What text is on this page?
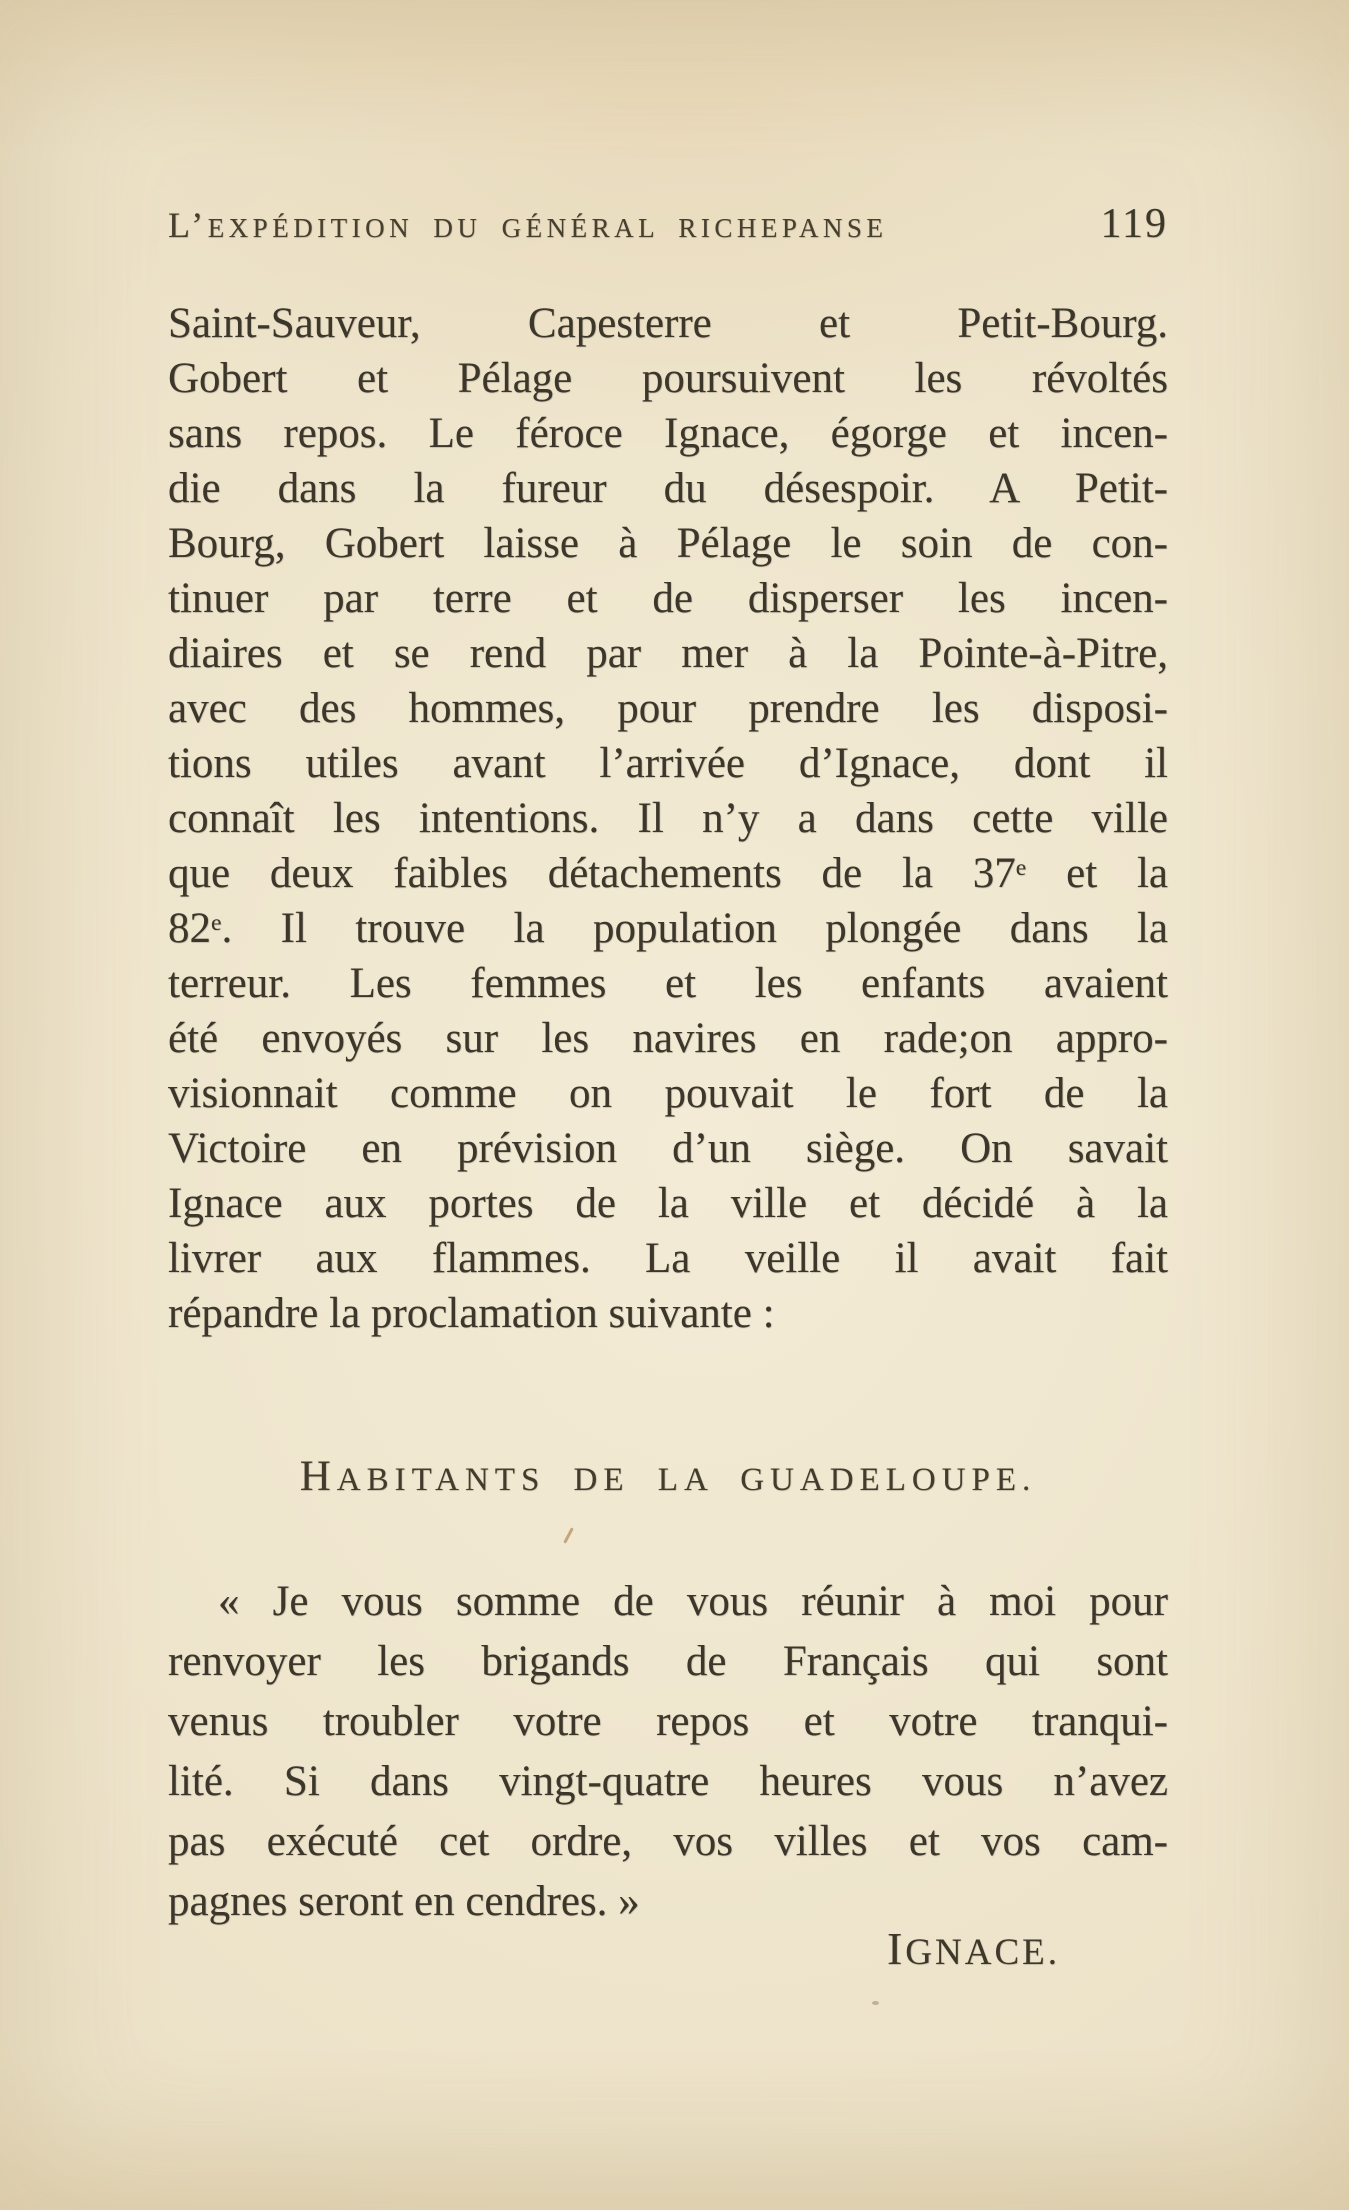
L’EXPÉDITION DU GÉNÉRAL RICHEPANSE	119
Saint-Sauveur, Capesterre et Petit-Bourg.
Gobert et Pélage poursuivent les révoltés
sans repos. Le féroce Ignace, égorge et incen-
die dans la fureur du désespoir. A Petit-
Bourg, Gobert laisse à Pélage le soin de con-
tinuer par terre et de disperser les incen-
diaires et se rend par mer à la Pointe-à-Pitre,
avec des hommes, pour prendre les disposi-
tions utiles avant l’arrivée d’Ignace, dont il
connaît les intentions. Il n’y a dans cette ville
que deux faibles détachements de la 37e et la
82e. Il trouve la population plongée dans la
terreur. Les femmes et les enfants avaient
été envoyés sur les navires en rade;on appro-
visionnait comme on pouvait le fort de la
Victoire en prévision d’un siège. On savait
Ignace aux portes de la ville et décidé à la
livrer aux flammes. La veille il avait fait
répandre la proclamation suivante :
HABITANTS DE LA GUADELOUPE.
« Je vous somme de vous réunir à moi pour
renvoyer les brigands de Français qui sont
venus troubler votre repos et votre tranqui-
lité. Si dans vingt-quatre heures vous n’avez
pas exécuté cet ordre, vos villes et vos cam-
pagnes seront en cendres. »
IGNACE.
